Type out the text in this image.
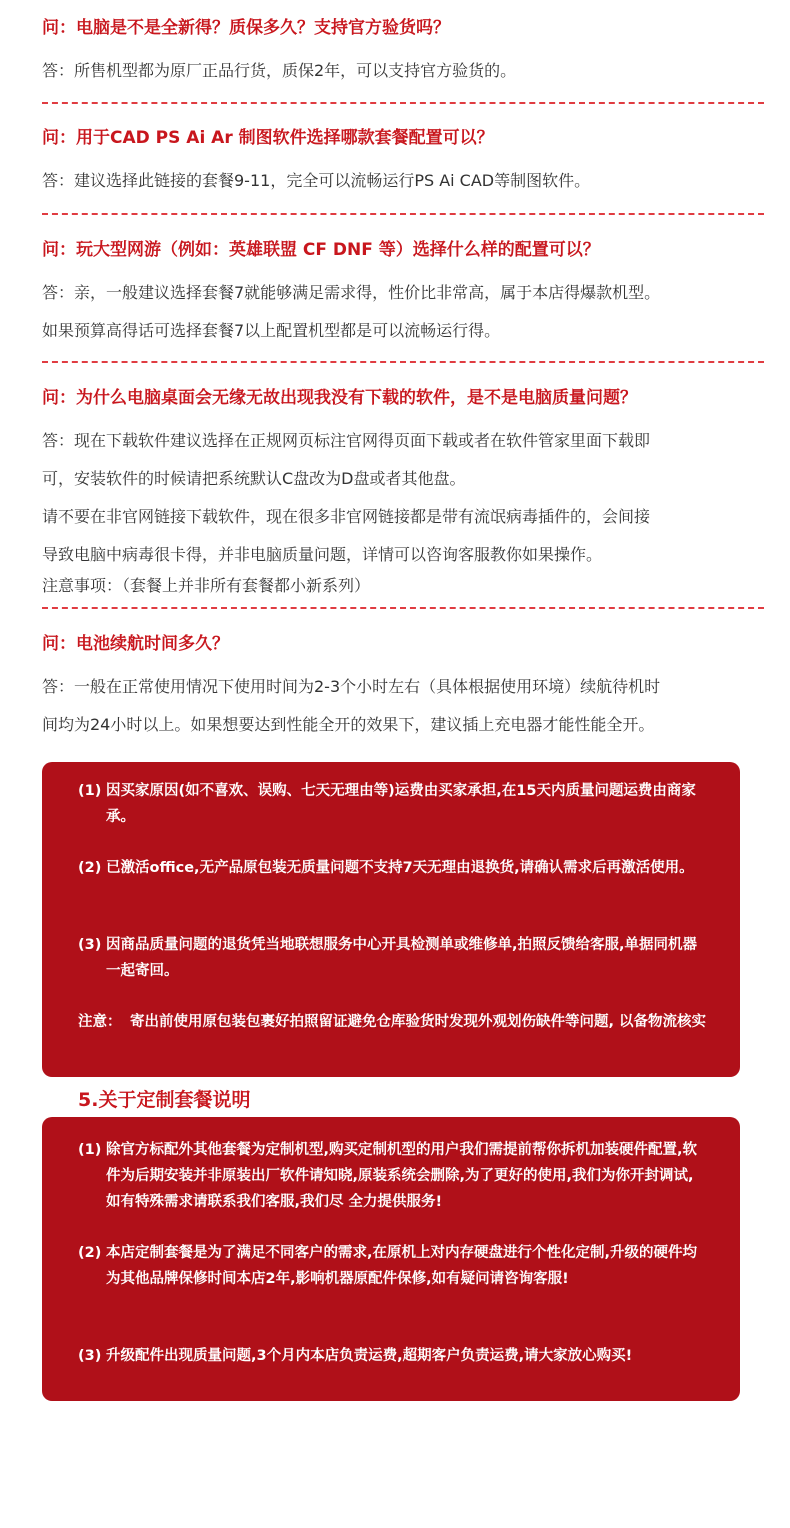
问：电脑是不是全新得？质保多久？支持官方验货吗？

答：所售机型都为原厂正品行货，质保2年，可以支持官方验货的。

问：用于CAD PS Ai Ar 制图软件选择哪款套餐配置可以？

答：建议选择此链接的套餐9-11，完全可以流畅运行PS Ai CAD等制图软件。

问：玩大型网游（例如：英雄联盟 CF DNF 等）选择什么样的配置可以？

答：亲，一般建议选择套餐7就能够满足需求得，性价比非常高，属于本店得爆款机型。

如果预算高得话可选择套餐7以上配置机型都是可以流畅运行得。

问：为什么电脑桌面会无缘无故出现我没有下载的软件，是不是电脑质量问题？

答：现在下载软件建议选择在正规网页标注官网得页面下载或者在软件管家里面下载即

可，安装软件的时候请把系统默认C盘改为D盘或者其他盘。

请不要在非官网链接下载软件，现在很多非官网链接都是带有流氓病毒插件的，会间接

导致电脑中病毒很卡得，并非电脑质量问题，详情可以咨询客服教你如果操作。

注意事项：（套餐上并非所有套餐都小新系列）

问：电池续航时间多久？

答：一般在正常使用情况下使用时间为2-3个小时左右（具体根据使用环境）续航待机时

间均为24小时以上。如果想要达到性能全开的效果下，建议插上充电器才能性能全开。

(1) 因买家原因(如不喜欢、误购、七天无理由等)运费由买家承担,在15天内质量问题运费由商家承。
(2) 已激活office,无产品原包装无质量问题不支持7天无理由退换货,请确认需求后再激活使用。
(3) 因商品质量问题的退货凭当地联想服务中心开具检测单或维修单,拍照反馈给客服,单据同机器一起寄回。
注意： 寄出前使用原包装包裹好拍照留证避免仓库验货时发现外观划伤缺件等问题, 以备物流核实
5.关于定制套餐说明
(1) 除官方标配外其他套餐为定制机型,购买定制机型的用户我们需提前帮你拆机加装硬件配置,软件为后期安装并非原装出厂软件请知晓,原装系统会删除,为了更好的使用,我们为你开封调试,如有特殊需求请联系我们客服,我们尽 全力提供服务!
(2) 本店定制套餐是为了满足不同客户的需求,在原机上对内存硬盘进行个性化定制,升级的硬件均为其他品牌保修时间本店2年,影响机器原配件保修,如有疑问请咨询客服!
(3) 升级配件出现质量问题,3个月内本店负责运费,超期客户负责运费,请大家放心购买!
